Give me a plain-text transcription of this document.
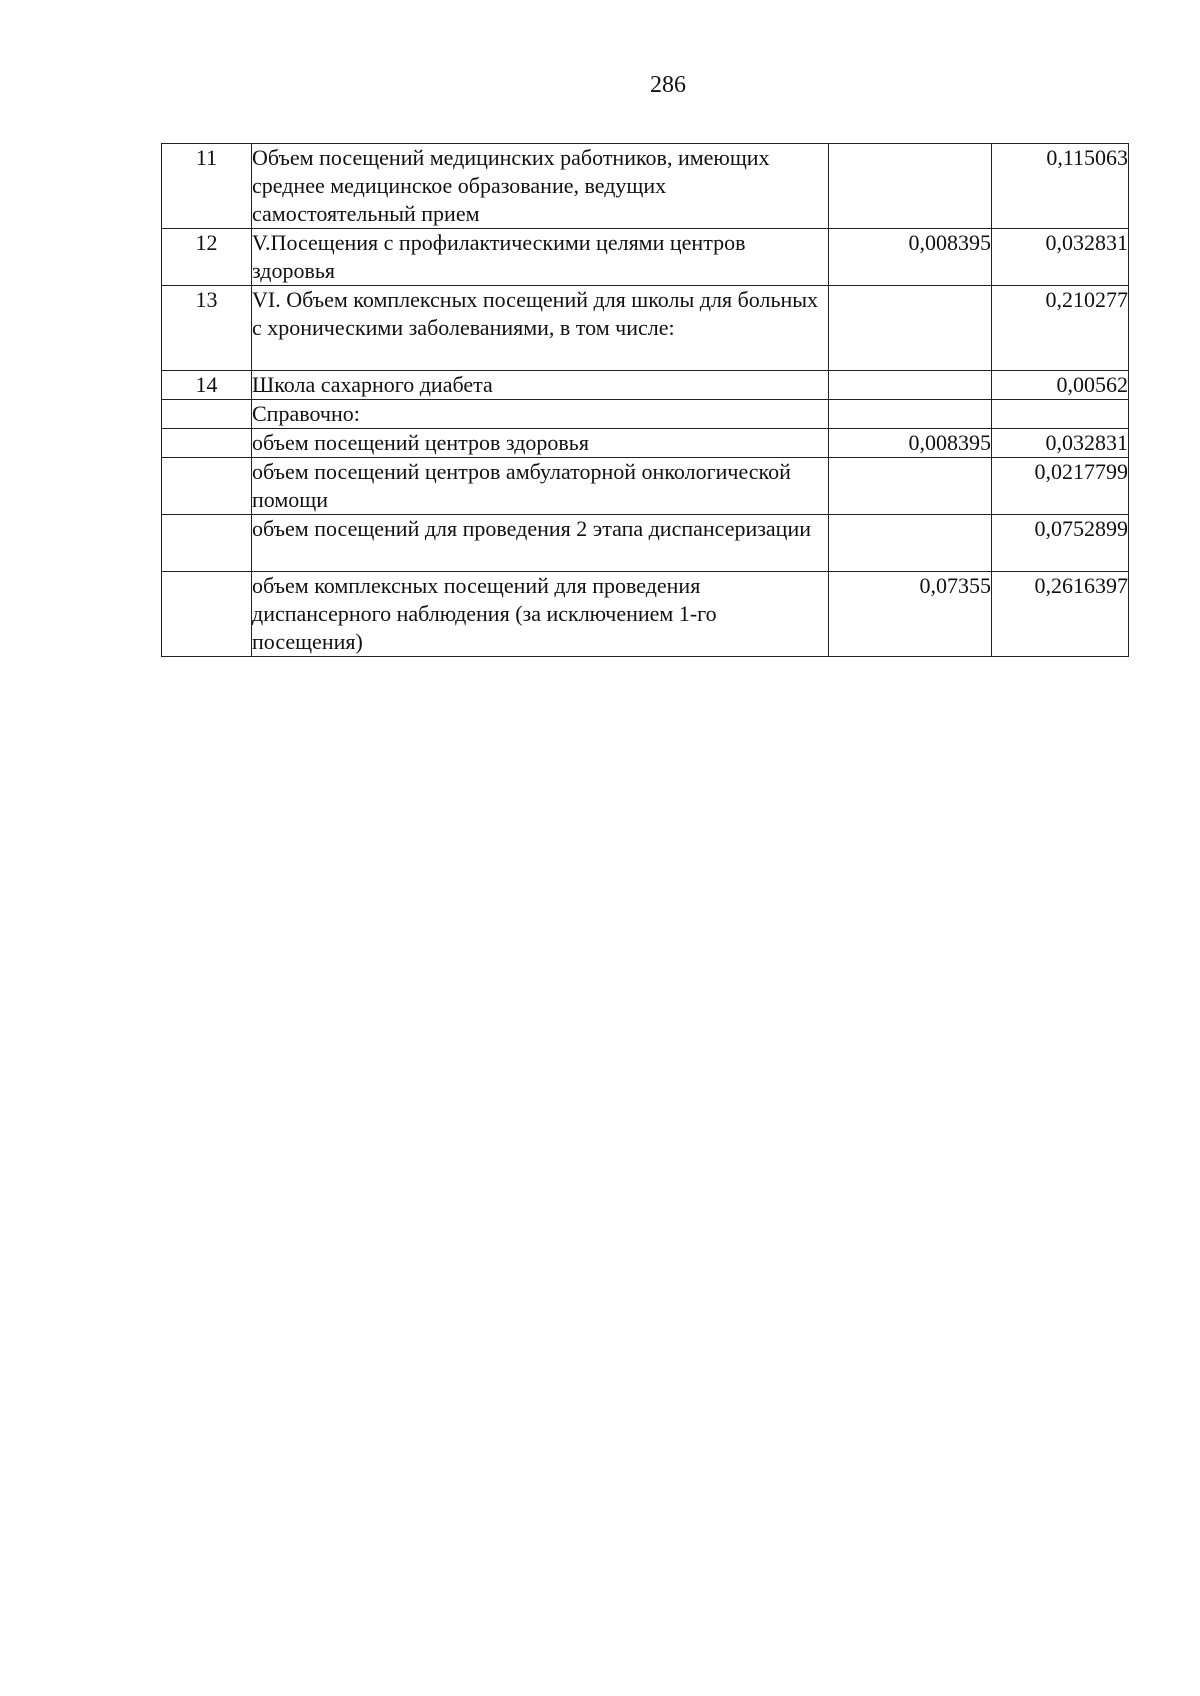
286
11	Объем посещений медицинских работников, имеющих среднее медицинское образование, ведущих самостоятельный прием		0,115063
12	V.Посещения с профилактическими целями центров здоровья	0,008395	0,032831
13	VI. Объем комплексных посещений для школы для больных с хроническими заболеваниями, в том числе:		0,210277
14	Школа сахарного диабета		0,00562
	Справочно:		
	объем посещений центров здоровья	0,008395	0,032831
	объем посещений центров амбулаторной онкологической помощи		0,0217799
	объем посещений для проведения 2 этапа диспансеризации		0,0752899
	объем комплексных посещений для проведения диспансерного наблюдения (за исключением 1-го посещения)	0,07355	0,2616397
